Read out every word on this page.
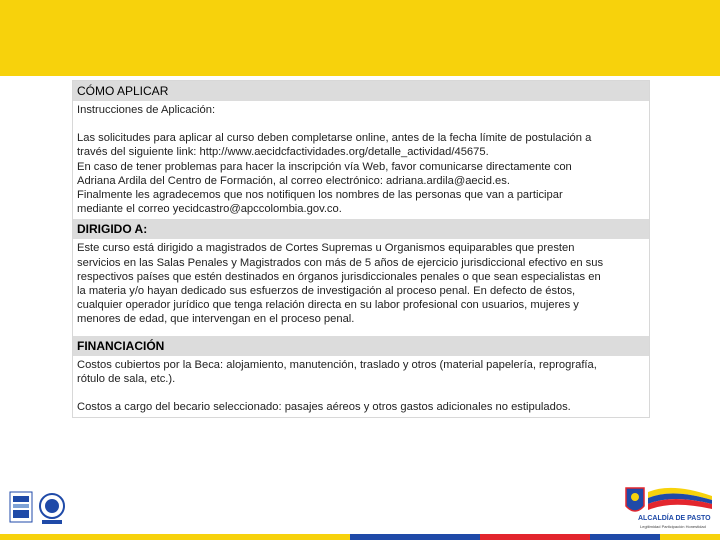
CÓMO APLICAR

Instrucciones de Aplicación:

Las solicitudes para aplicar al curso deben completarse online, antes de la fecha límite de postulación a

través del siguiente link: http://www.aecidcfactividades.org/detalle_actividad/45675.

En caso de tener problemas para hacer la inscripción vía Web, favor comunicarse directamente con

Adriana Ardila del Centro de Formación, al correo electrónico: adriana.ardila@aecid.es.

Finalmente les agradecemos que nos notifiquen los nombres de las personas que van a participar

mediante el correo yecidcastro@apccolombia.gov.co.

DIRIGIDO A:

Este curso está dirigido a magistrados de Cortes Supremas u Organismos equiparables que presten

servicios en las Salas Penales y Magistrados con más de 5 años de ejercicio jurisdiccional efectivo en sus

respectivos países que estén destinados en órganos jurisdiccionales penales o que sean especialistas en

la materia y/o hayan dedicado sus esfuerzos de investigación al proceso penal. En defecto de éstos,

cualquier operador jurídico que tenga relación directa en su labor profesional con usuarios, mujeres y

menores de edad, que intervengan en el proceso penal.

FINANCIACIÓN

Costos cubiertos por la Beca: alojamiento, manutención, traslado y otros (material papelería, reprografía,

rótulo de sala, etc.).

Costos a cargo del becario seleccionado: pasajes aéreos y otros gastos adicionales no estipulados.

ALCALDÍA DE PASTO
Legitimidad Participación Honestidad
